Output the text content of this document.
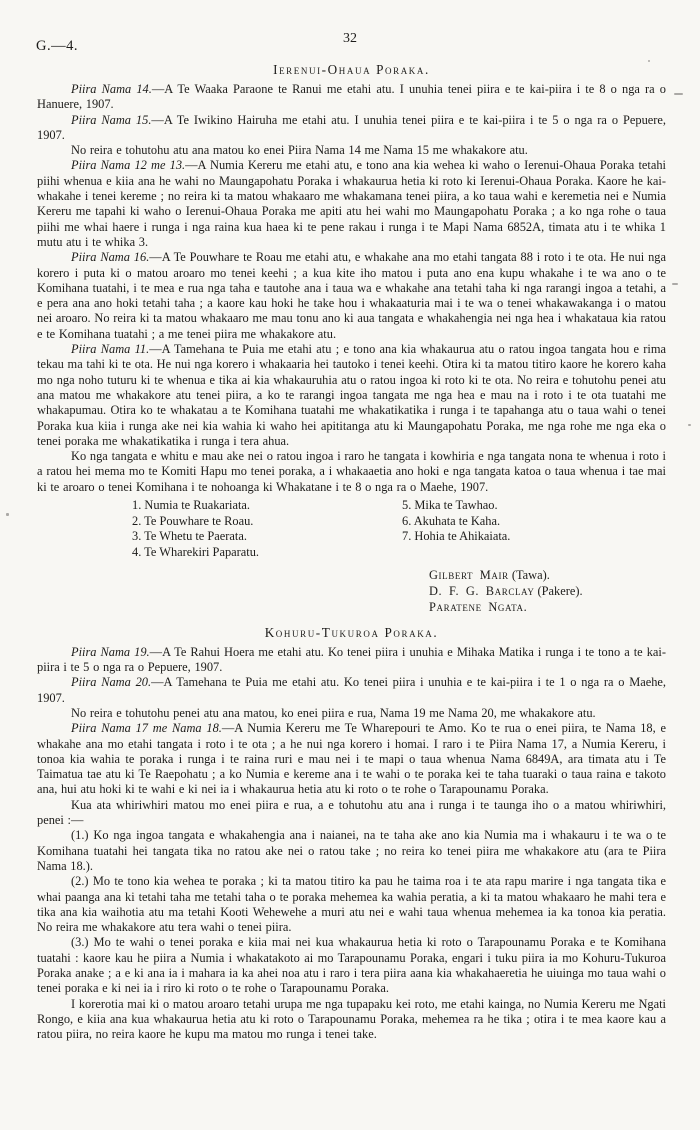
G.—4.	32
Ierenui-Ohaua Poraka.

Piira Nama 14.—A Te Waaka Paraone te Ranui me etahi atu. I unuhia tenei piira e te kai-piira i te 8 o nga ra o Hanuere, 1907.

Piira Nama 15.—A Te Iwikino Hairuha me etahi atu. I unuhia tenei piira e te kai-piira i te 5 o nga ra o Pepuere, 1907.

No reira e tohutohu atu ana matou ko enei Piira Nama 14 me Nama 15 me whakakore atu.

Piira Nama 12 me 13.—A Numia Kereru me etahi atu, e tono ana kia wehea ki waho o Ierenui-Ohaua Poraka tetahi piihi whenua e kiia ana he wahi no Maungapohatu Poraka i whakaurua hetia ki roto ki Ierenui-Ohaua Poraka. Kaore he kai-whakahe i tenei kereme ; no reira ki ta matou whakaaro me whakamana tenei piira, a ko taua wahi e keremetia nei e Numia Kereru me tapahi ki waho o Ierenui-Ohaua Poraka me apiti atu hei wahi mo Maungapohatu Poraka ; a ko nga rohe o taua piihi me whai haere i runga i nga raina kua haea ki te pene rakau i runga i te Mapi Nama 6852A, timata atu i te whika 1 mutu atu i te whika 3.

Piira Nama 16.—A Te Pouwhare te Roau me etahi atu, e whakahe ana mo etahi tangata 88 i roto i te ota. He nui nga korero i puta ki o matou aroaro mo tenei keehi ; a kua kite iho matou i puta ano ena kupu whakahe i te wa ano o te Komihana tuatahi, i te mea e rua nga taha e tautohe ana i taua wa e whakahe ana tetahi taha ki nga rarangi ingoa a tetahi, a e pera ana ano hoki tetahi taha ; a kaore kau hoki he take hou i whakaaturia mai i te wa o tenei whakawakanga i o matou nei aroaro. No reira ki ta matou whakaaro me mau tonu ano ki aua tangata e whakahengia nei nga hea i whakataua kia ratou e te Komihana tuatahi ; a me tenei piira me whakakore atu.

Piira Nama 11.—A Tamehana te Puia me etahi atu ; e tono ana kia whakaurua atu o ratou ingoa tangata hou e rima tekau ma tahi ki te ota. He nui nga korero i whakaaria hei tautoko i tenei keehi. Otira ki ta matou titiro kaore he korero kaha mo nga noho tuturu ki te whenua e tika ai kia whakauruhia atu o ratou ingoa ki roto ki te ota. No reira e tohutohu penei atu ana matou me whakakore atu tenei piira, a ko te rarangi ingoa tangata me nga hea e mau na i roto i te ota tuatahi me whakapumau. Otira ko te whakatau a te Komihana tuatahi me whakatikatika i runga i te tapahanga atu o taua wahi o tenei Poraka kua kiia i runga ake nei kia wahia ki waho hei apititanga atu ki Maungapohatu Poraka, me nga rohe me nga eka o tenei poraka me whakatikatika i runga i tera ahua.

Ko nga tangata e whitu e mau ake nei o ratou ingoa i raro he tangata i kowhiria e nga tangata nona te whenua i roto i a ratou hei mema mo te Komiti Hapu mo tenei poraka, a i whakaaetia ano hoki e nga tangata katoa o taua whenua i tae mai ki te aroaro o tenei Komihana i te nohoanga ki Whakatane i te 8 o nga ra o Maehe, 1907.

1. Numia te Ruakariata.
2. Te Pouwhare te Roau.
3. Te Whetu te Paerata.
4. Te Wharekiri Paparatu.
5. Mika te Tawhao.
6. Akuhata te Kaha.
7. Hohia te Ahikaiata.
Gilbert Mair (Tawa).
D. F. G. Barclay (Pakere).
Paratene Ngata.
Kohuru-Tukuroa Poraka.

Piira Nama 19.—A Te Rahui Hoera me etahi atu. Ko tenei piira i unuhia e Mihaka Matika i runga i te tono a te kai-piira i te 5 o nga ra o Pepuere, 1907.

Piira Nama 20.—A Tamehana te Puia me etahi atu. Ko tenei piira i unuhia e te kai-piira i te 1 o nga ra o Maehe, 1907.

No reira e tohutohu penei atu ana matou, ko enei piira e rua, Nama 19 me Nama 20, me whakakore atu.

Piira Nama 17 me Nama 18.—A Numia Kereru me Te Wharepouri te Amo. Ko te rua o enei piira, te Nama 18, e whakahe ana mo etahi tangata i roto i te ota ; a he nui nga korero i homai. I raro i te Piira Nama 17, a Numia Kereru, i tonoa kia wahia te poraka i runga i te raina ruri e mau nei i te mapi o taua whenua Nama 6849A, ara timata atu i Te Taimatua tae atu ki Te Raepohatu ; a ko Numia e kereme ana i te wahi o te poraka kei te taha tuaraki o taua raina e takoto ana, hui atu hoki ki te wahi e ki nei ia i whakaurua hetia atu ki roto o te rohe o Tarapounamu Poraka.

Kua ata whiriwhiri matou mo enei piira e rua, a e tohutohu atu ana i runga i te taunga iho o a matou whiriwhiri, penei :—

(1.) Ko nga ingoa tangata e whakahengia ana i naianei, na te taha ake ano kia Numia ma i whakauru i te wa o te Komihana tuatahi hei tangata tika no ratou ake nei o ratou take ; no reira ko tenei piira me whakakore atu (ara te Piira Nama 18.).

(2.) Mo te tono kia wehea te poraka ; ki ta matou titiro ka pau he taima roa i te ata rapu marire i nga tangata tika e whai paanga ana ki tetahi taha me tetahi taha o te poraka mehemea ka wahia peratia, a ki ta matou whakaaro he mahi tera e tika ana kia waihotia atu ma tetahi Kooti Wehewehe a muri atu nei e wahi taua whenua mehemea ia ka tonoa kia peratia. No reira me whakakore atu tera wahi o tenei piira.

(3.) Mo te wahi o tenei poraka e kiia mai nei kua whakaurua hetia ki roto o Tarapounamu Poraka e te Komihana tuatahi : kaore kau he piira a Numia i whakatakoto ai mo Tarapounamu Poraka, engari i tuku piira ia mo Kohuru-Tukuroa Poraka anake ; a e ki ana ia i mahara ia ka ahei noa atu i raro i tera piira aana kia whakahaeretia he uiuinga mo taua wahi o tenei poraka e ki nei ia i riro ki roto o te rohe o Tarapounamu Poraka.

I korerotia mai ki o matou aroaro tetahi urupa me nga tupapaku kei roto, me etahi kainga, no Numia Kereru me Ngati Rongo, e kiia ana kua whakaurua hetia atu ki roto o Tarapounamu Poraka, mehemea ra he tika ; otira i te mea kaore kau a ratou piira, no reira kaore he kupu ma matou mo runga i tenei take.
